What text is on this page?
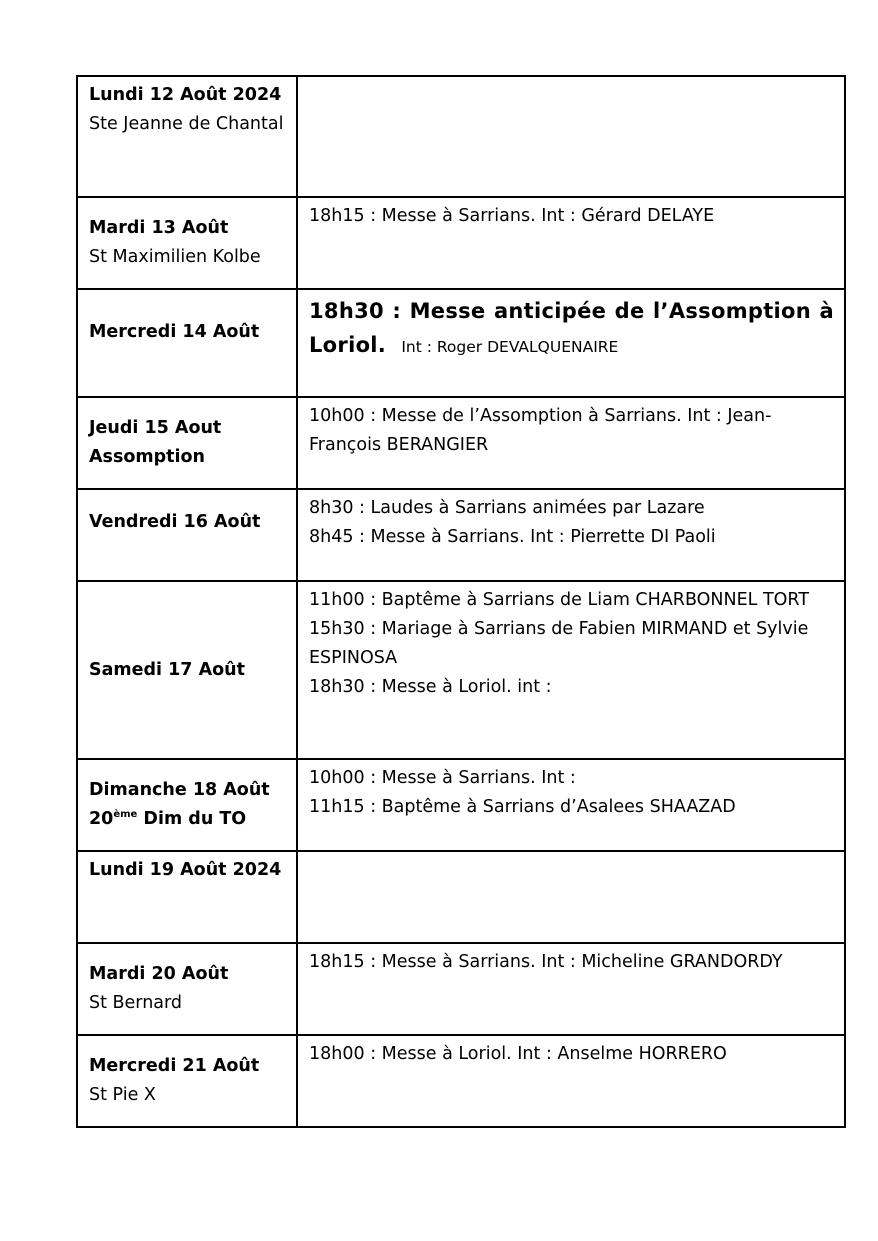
Lundi 12 Août 2024
Ste Jeanne de Chantal	

Mardi 13 Août
St Maximilien Kolbe	18h15 : Messe à Sarrians. Int : Gérard DELAYE

Mercredi 14 Août	18h30 : Messe anticipée de l’Assomption à Loriol. Int : Roger DEVALQUENAIRE

Jeudi 15 Aout
Assomption	10h00 : Messe de l’Assomption à Sarrians. Int : Jean-François BERANGIER

Vendredi 16 Août	8h30 : Laudes à Sarrians animées par Lazare
8h45 : Messe à Sarrians. Int : Pierrette DI Paoli

Samedi 17 Août	11h00 : Baptême à Sarrians de Liam CHARBONNEL TORT
15h30 : Mariage à Sarrians de Fabien MIRMAND et Sylvie ESPINOSA
18h30 : Messe à Loriol. int :

Dimanche 18 Août
20ème Dim du TO	10h00 : Messe à Sarrians. Int :
11h15 : Baptême à Sarrians d’Asalees SHAAZAD

Lundi 19 Août 2024	

Mardi 20 Août
St Bernard	18h15 : Messe à Sarrians. Int : Micheline GRANDORDY

Mercredi 21 Août
St Pie X	18h00 : Messe à Loriol. Int : Anselme HORRERO
